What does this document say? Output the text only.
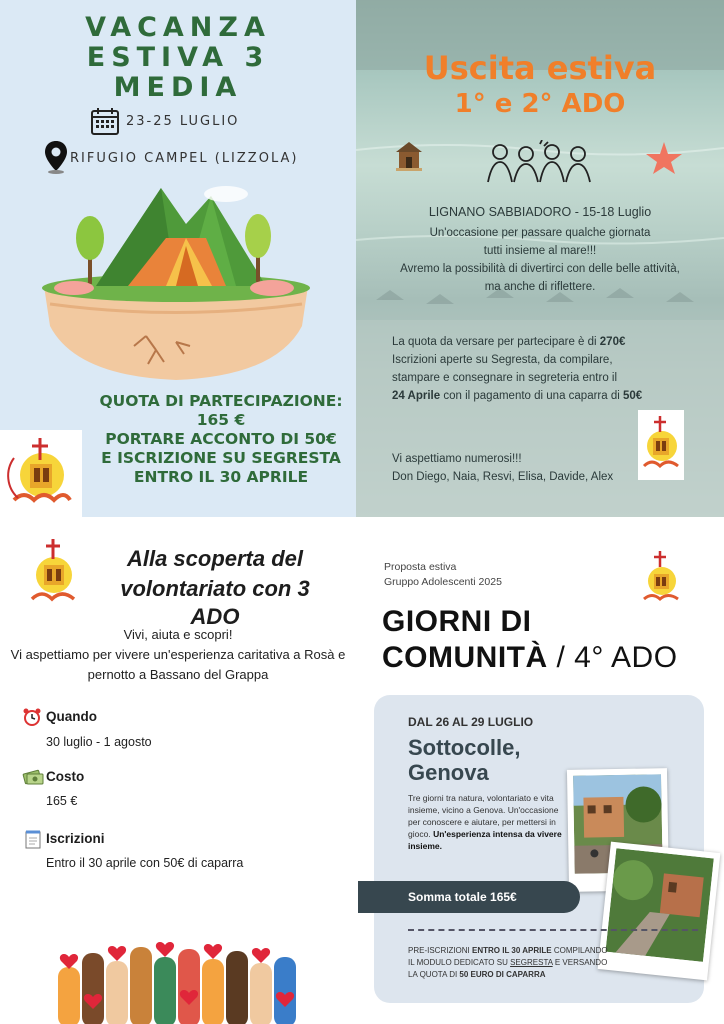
VACANZA
ESTIVA 3
MEDIA
23-25 LUGLIO
RIFUGIO CAMPEL (LIZZOLA)
QUOTA DI PARTECIPAZIONE:
165 €
PORTARE ACCONTO DI 50€
E ISCRIZIONE SU SEGRESTA
ENTRO IL 30 APRILE
Uscita estiva
1° e 2° ADO
LIGNANO SABBIADORO - 15-18 Luglio
Un'occasione per passare qualche giornata
tutti insieme al mare!!!
Avremo la possibilità di divertirci con delle belle attività,
ma anche di riflettere.
La quota da versare per partecipare è di 270€
Iscrizioni aperte su Segresta, da compilare,
stampare e consegnare in segreteria entro il
24 Aprile con il pagamento di una caparra di 50€
Vi aspettiamo numerosi!!!
Don Diego, Naia, Resvi, Elisa, Davide, Alex
Alla scoperta del
volontariato con 3 ADO
Vivi, aiuta e scopri!
Vi aspettiamo per vivere un'esperienza caritativa a Rosà e
pernotto a Bassano del Grappa
Quando
30 luglio - 1 agosto
Costo
165 €
Iscrizioni
Entro il 30 aprile con 50€ di caparra
Proposta estiva
Gruppo Adolescenti 2025
GIORNI DI
COMUNITÀ / 4° ADO
DAL 26 AL 29 LUGLIO
Sottocolle,
Genova
Tre giorni tra natura, volontariato e vita insieme, vicino a Genova. Un'occasione per conoscere e aiutare, per mettersi in gioco. Un'esperienza intensa da vivere insieme.
Somma totale 165€
PRE-ISCRIZIONI ENTRO IL 30 APRILE COMPILANDO IL MODULO DEDICATO SU SEGRESTA E VERSANDO LA QUOTA DI 50 EURO DI CAPARRA
